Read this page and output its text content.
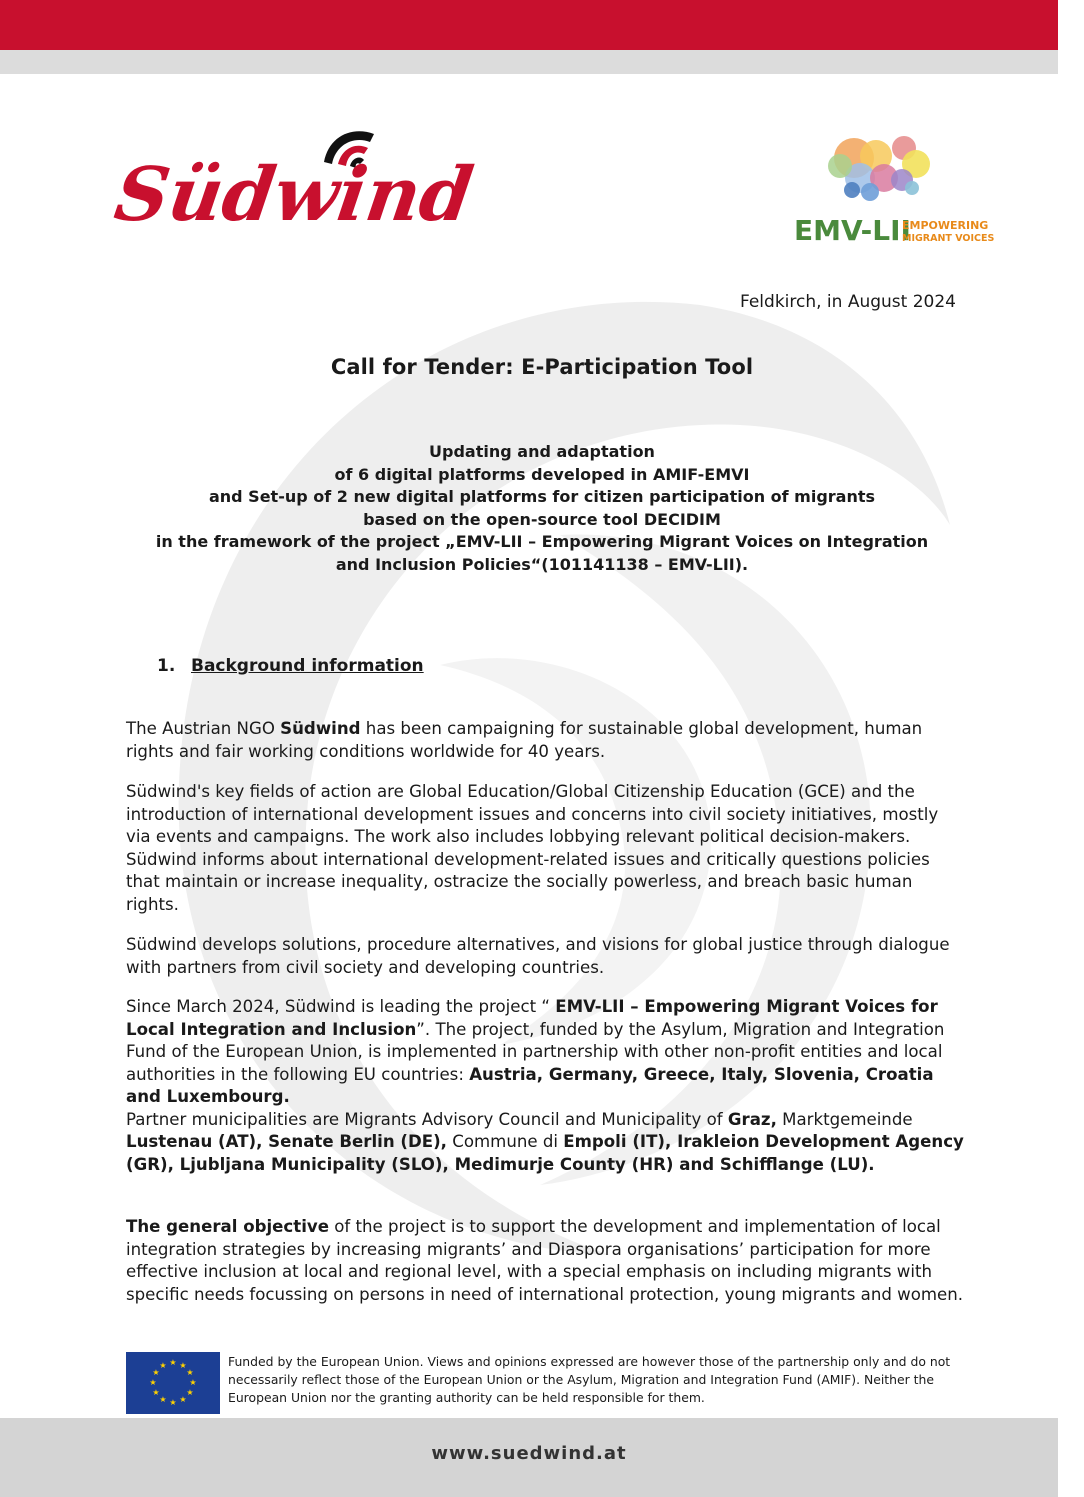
Südwind	EMV-LII
EMPOWERING
MIGRANT VOICES
Feldkirch, in August 2024
Call for Tender: E-Participation Tool
Updating and adaptation
of 6 digital platforms developed in AMIF-EMVI
and Set-up of 2 new digital platforms for citizen participation of migrants
based on the open-source tool DECIDIM
in the framework of the project „EMV-LII – Empowering Migrant Voices on Integration
and Inclusion Policies“(101141138 – EMV-LII).
1. Background information

The Austrian NGO Südwind has been campaigning for sustainable global development, human rights and fair working conditions worldwide for 40 years.

Südwind's key fields of action are Global Education/Global Citizenship Education (GCE) and the introduction of international development issues and concerns into civil society initiatives, mostly via events and campaigns. The work also includes lobbying relevant political decision-makers. Südwind informs about international development-related issues and critically questions policies that maintain or increase inequality, ostracize the socially powerless, and breach basic human rights.

Südwind develops solutions, procedure alternatives, and visions for global justice through dialogue with partners from civil society and developing countries.

Since March 2024, Südwind is leading the project “ EMV-LII – Empowering Migrant Voices for Local Integration and Inclusion”. The project, funded by the Asylum, Migration and Integration Fund of the European Union, is implemented in partnership with other non-profit entities and local authorities in the following EU countries: Austria, Germany, Greece, Italy, Slovenia, Croatia and Luxembourg.

Partner municipalities are Migrants Advisory Council and Municipality of Graz, Marktgemeinde Lustenau (AT), Senate Berlin (DE), Commune di Empoli (IT), Irakleion Development Agency (GR), Ljubljana Municipality (SLO), Medimurje County (HR) and Schifflange (LU).

The general objective of the project is to support the development and implementation of local integration strategies by increasing migrants’ and Diaspora organisations’ participation for more effective inclusion at local and regional level, with a special emphasis on including migrants with specific needs focussing on persons in need of international protection, young migrants and women.

★ ★
★
★
★
★
★
★
★
★
★
★	Funded by the European Union. Views and opinions expressed are however those of the partnership only and do not necessarily reflect those of the European Union or the Asylum, Migration and Integration Fund (AMIF). Neither the European Union nor the granting authority can be held responsible for them.
www.suedwind.at
